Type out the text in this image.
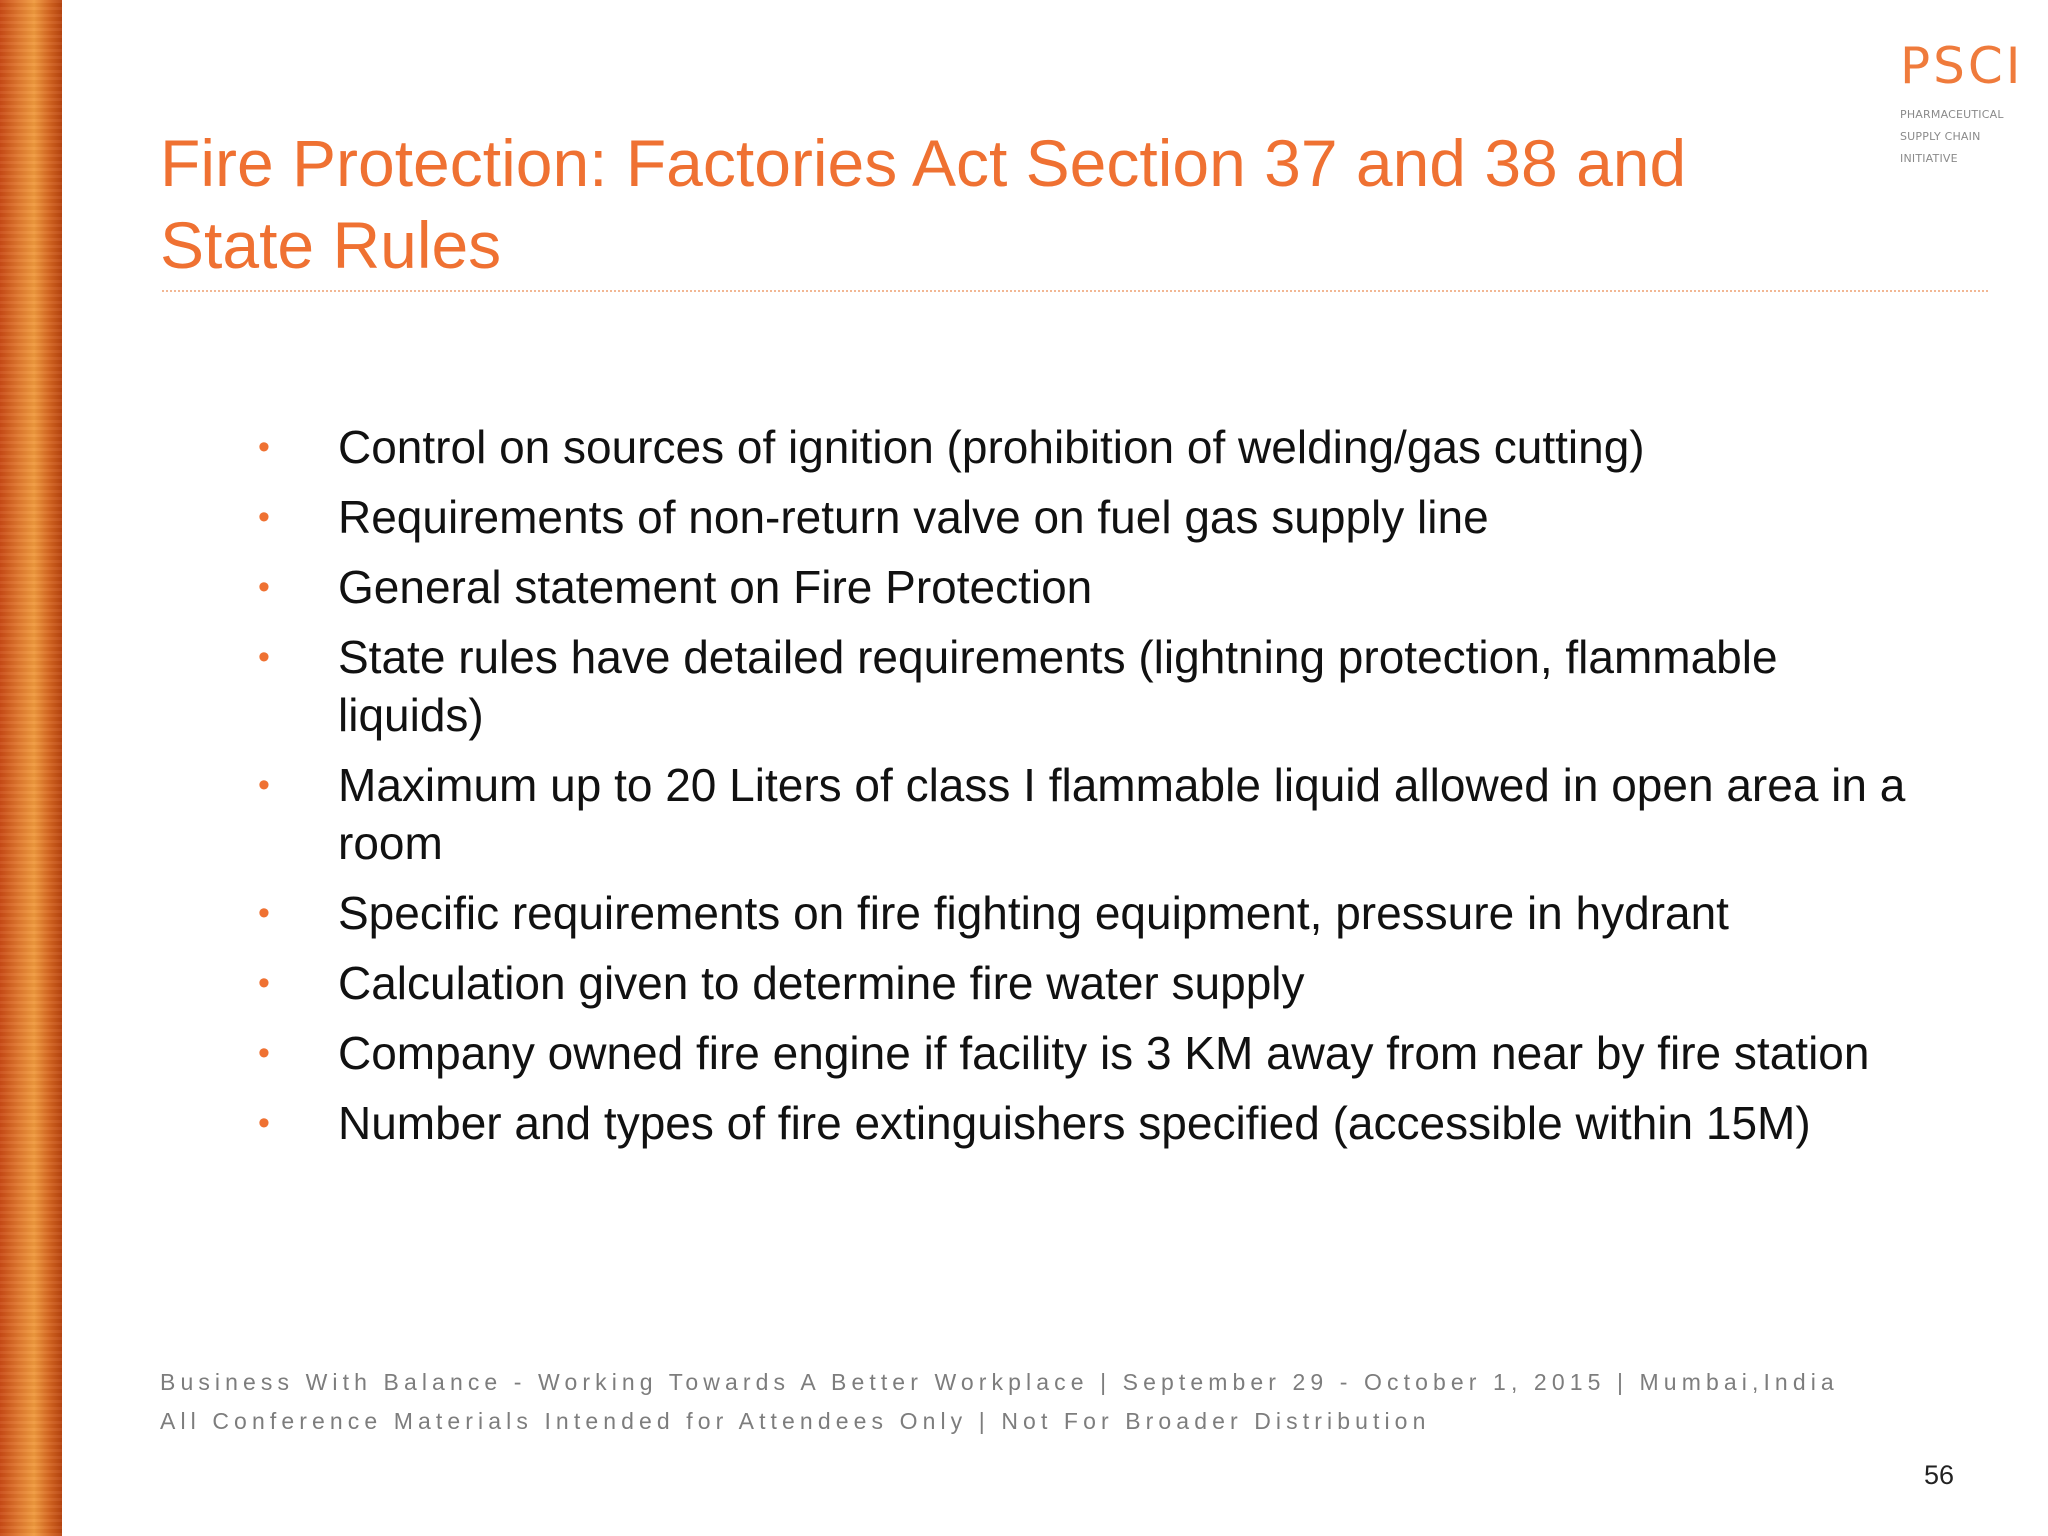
PSCI
PHARMACEUTICAL
SUPPLY CHAIN
INITIATIVE
Fire Protection: Factories Act Section 37 and 38 and
State Rules
•	Control on sources of ignition (prohibition of welding/gas cutting)
•	Requirements of non-return valve on fuel gas supply line
•	General statement on Fire Protection
•	State rules have detailed requirements (lightning protection, flammable liquids)
•	Maximum up to 20 Liters of class I flammable liquid allowed in open area in a room
•	Specific requirements on fire fighting equipment, pressure in hydrant
•	Calculation given to determine fire water supply
•	Company owned fire engine if facility is 3 KM away from near by fire station
•	Number and types of fire extinguishers specified (accessible within 15M)
Business With Balance - Working Towards A Better Workplace | September 29 - October 1, 2015 | Mumbai,India
All Conference Materials Intended for Attendees Only | Not For Broader Distribution
56
